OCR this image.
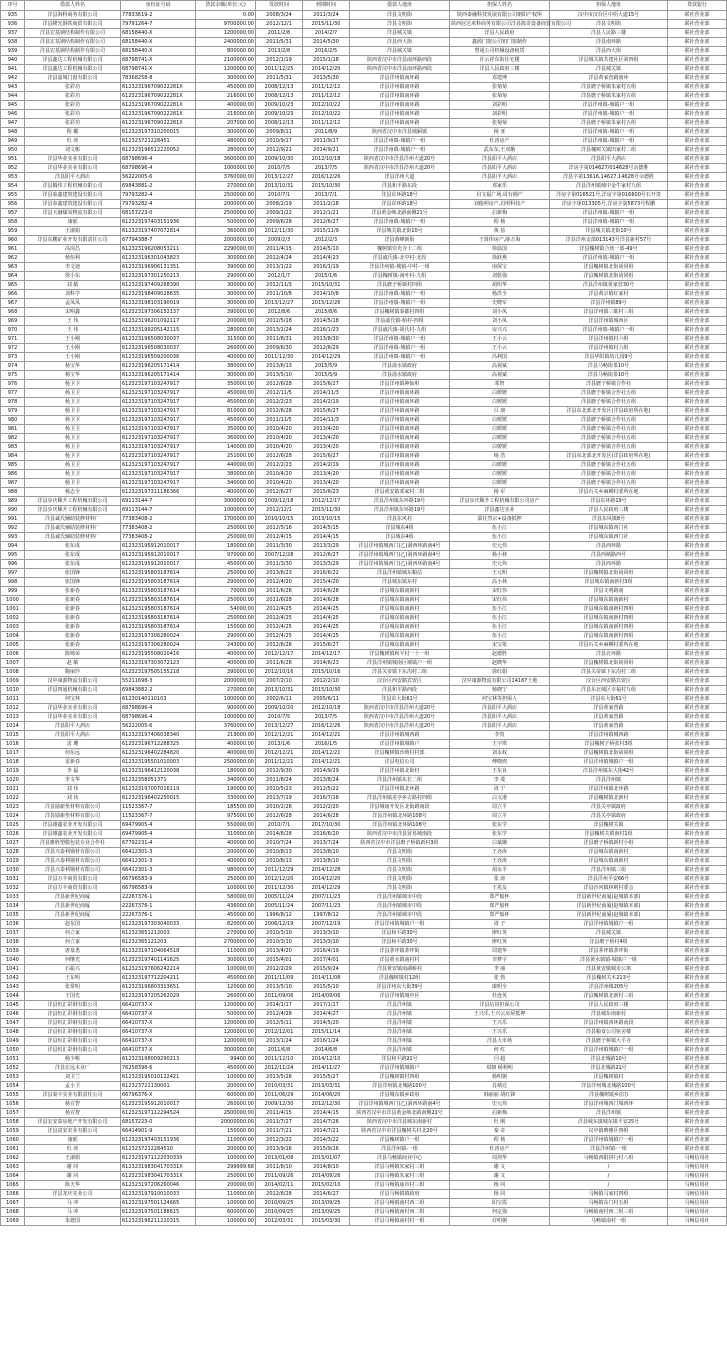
序号	借款人姓名	身份证号码	贷款余额(单位:元)	发放时间	到期时间	借款人地址	担保人姓名	担保人地址	贷款银行
935	洋县海科商务有限公司	77833619-2	0.00	2008/3/24	2011/3/24	洋县文明街	陕西秦融科技发展有限公司朝阳产权所	汉中市汉台区中拐大道15号	联社营业部
936	洋县隆光钢铁商贸有限公司	79791264-7	9700000.00	2012/12/1	2015/11/30	洋县文明街	陕西冠达米科商务有限公司洋县陈奇设备商贸有限公司	洋县文明街	联社营业部
937	洋县宏基钢结构制作有限公司	68158440-X	1200000.00	2011/2/8	2014/2/7	洋县城关镇	洋县人民政府	洋县人民路三楼	联社营业部
938	洋县宏基钢结构制作有限公司	68158440-X	2400000.00	2011/5/31	2014/5/30	洋县西大街	鑫源门窗公司铝门窗制作	洋县南环路	联社营业部
939	洋县宏基钢结构制作有限公司	68158440-X	800000.00	2013/2/8	2016/2/5	洋县城关镇	慧通公司机械设备租赁	洋县西大街	联社营业部
940	洋县鑫达工程机械有限公司	68798741-X	2100000.00	2012/1/19	2015/1/18	陕西省汉中市洋县南环路西段	许云祥东街住宅楼	洋县城关镇共建社区第四组	联社营业部
941	洋县鑫达工程机械有限公司	68798741-X	1200000.00	2011/12/25	2014/12/20	陕西省汉中市洋县南环路西段	洋县人民政府三楼	洋县城关镇	联社营业部
942	洋县嘉城门窗有限公司	78368258-8	300000.00	2011/5/31	2013/5/30	洋县洋州镇南环路	邓建博	洋县黄家营路南环	联社营业部
943	张彩功	612323196709022281X	450000.00	2008/12/13	2011/12/12	洋县洋州镇南环路	张菊菊	洋县磨子桥镇朱家村五组	联社营业部
944	张彩功	612323196709022281X	216000.00	2008/12/13	2011/12/12	洋县洋州镇南环路	张菊菊	洋县磨子桥镇朱家村五组	联社营业部
945	张彩功	612323196709022281X	400000.00	2009/10/23	2012/10/22	洋县洋州镇南环路	刘彩明	洋县洋州镇-城镇户一组	联社营业部
946	张彩功	612323196709022281X	216000.00	2009/10/23	2012/10/22	洋县洋州镇南环路	刘彩明	洋县洋州镇-城镇户一组	联社营业部
947	张彩功	612323196709022281X	207000.00	2008/12/13	2011/12/12	洋县洋州镇南环路	张菊菊	洋县磨子桥镇朱家村五组	联社营业部
948	程 璐	612323197310200015	300000.00	2009/8/11	2011/8/9	陕西省汉中市洋县城厢镇	杨 亚	洋县洋州镇-城镇户一组	联社营业部
949	杜 涛	612323721228451	480000.00	2010/9/17	2011/9/17	洋县洋州镇-城镇户一组	杜涛房产	洋县洋州镇-城镇户一组	联社营业部
950	刘文彬	612323196512220052	280000.00	2012/9/21	2014/9/21	洋县洋州镇-城镇户一组	武东东,王双娥	洋县槐树关镇田家村二组	联社营业部
951	洋县华业实业有限公司	68798696-4	3600000.00	2009/10/30	2012/10/18	陕西省汉中市洋县洋州大道20号	洋县阳平大酒店	洋县阳平大酒店	联社营业部
952	洋县华业实业有限公司	68798696-4	1000000.00	2010/7/5	2013/7/5	陕西省汉中市洋县洋州大道20号	洋县阳平大酒店	洋房字第014627/014628号余德胜	联社营业部
953	洋县阳平大酒店	56222005-6	3760000.00	2013/12/27	2016/12/26	洋县洋州大道	洋县阳平大酒店	洋县字第13616,14627,14628号余德胜	联社营业部
954	洋县腾伟工程机械有限公司	69843881-2	270000.00	2013/10/31	2015/10/30	洋县和平路东段	邓家乐	洋县洋州镇城中金牛家村九组	联社营业部
955	洋县泰鑫建筑建设有限公司	79793282-4	2500000.00	2010/7/1	2013/7/1	洋县东环路18号	启文福广场,周有刚产	洋房字第016521号,洋房字第016600号石开贵	联社营业部
956	洋县泰鑫建筑建设有限公司	79793282-4	2000000.00	2008/2/19	2011/2/18	洋县东环路18号	刘俊明房产,启明科技产	洋房字第013305号,洋房字第5873号程鹏	联社营业部
957	洋县天融煤炭物流有限公司	68157223-0	2500000.00	2009/1/22	2012/1/21	洋县黄金峡北路南侧21号	启新梅	洋县洋州镇-城镇户一组	联社营业部
958	康砾	612323197403151936	500000.00	2009/6/28	2012/6/27	洋县洋州镇-城镇户一组	程 杨	洋县洋州镇-城镇户一组	联社营业部
959	王淑娟	612323197407072814	360000.00	2012/11/30	2015/11/9	洋县城关镇北街10号	黄 蓓	洋县城关镇北街10号	联社营业部
960	洋县东鹏矿业开发有限责任公司	67794388-7	2000000.00	2009/2/3	2012/2/3	洋县黄峰新街	王贤伟房产,薛万海	洋县洋州支部013143号洋县新村57号	联社营业部
961	高岗昌	612323196208053211	2290000.00	2011/4/15	2014/5/10	槐树镇崇光寺十二组	徐温国	洋县槐树镇合伙一部-49号	联社营业部
962	杨恒利	612323196301043823	300000.00	2012/4/24	2014/4/23	洋县戚氏镇-北亭村-北段	徐跃燕	洋县洋州镇-城镇户一组	联社营业部
963	李文迪	612323196906131351	390000.00	2013/1/22	2016/1/19	洋县洋州镇-城镇-中村-一组	南保宝	洋县槐树镇北街胡同组	联社营业部
964	徐小东	612323197301250213	290000.00	2012/1/7	2015/1/6	洋县槐树镇-南叶村-九组	刘乾强	洋县槐树镇北街胡同组	联社营业部
965	刘 敏	612323197409268390	300000.00	2012/11/3	2015/10/31	洋县磨子桥镇村四组	胡绍华	洋县洋州镇黄家营30号	联社营业部
966	刘科学	612323198409028635	300000.00	2011/10/8	2014/10/8	洋县洋州镇-城镇户一组	杨洪全	洋县黄宗镇红家村	联社营业部
967	孟凤凤	612323198103190019	300000.00	2013/12/27	2015/12/26	洋县洋州镇-城镇户一组	史晓军	洋县洋州镇89号	联社营业部
968	宋明鑫	612323197306152137	390000.00	2012/8/6	2015/8/6	洋县槐树镇秦都村四组	刘小凤	洋县洋州镇三陈村三组	联社营业部
969	王 伟	612323196201092117	200000.00	2012/5/18	2014/5/18	洋县戚氏镇-柏村-四组	刘小凤	洋县洋州镇城西区	联社营业部
970	王 伟	612323199205142115	280000.00	2013/1/24	2016/1/23	洋县戚氏镇-胡氏村-九组	房兴兴	洋县洋州镇-城镇户一组	联社营业部
971	王小刚	612323196508030037	315000.00	2011/8/31	2013/8/30	洋县洋州镇-城镇户一组	王小云	洋县洋州镇村六组	联社营业部
972	王小刚	612323196508030037	260000.00	2009/6/30	2012/6/29	洋县洋州镇-城镇户一组	王小云	洋县洋州镇村六组	联社营业部
973	王小刚	612323196509200036	400000.00	2011/12/30	2014/12/29	洋县洋州镇-城镇户一组	冯利国	洋县华阳镇幼儿园9号	联社营业部
974	杨宝华	612323196205171414	380000.00	2013/6/13	2015/5/9	洋县溢水镇政府	高视斌	洋县马畅街茶10号	联社营业部
975	杨宝华	612323196205171414	300000.00	2013/5/10	2015/5/9	洋县溢水镇政府	高视斌	洋县马畅街茶10号	联社营业部
976	杨卫卫	612323197103247917	350000.00	2012/6/28	2015/6/27	洋县洋州镇神仙咀	邓智	洋县磨子桥镇合作社	联社营业部
977	杨卫卫	612323197103247917	450000.00	2012/11/5	2014/11/3	洋县洋州镇南环路	白媛媛	洋县磨子桥镇合作社五组	联社营业部
978	杨卫卫	612323197103247917	450000.00	2012/2/23	2014/2/19	洋县洋州镇南环路	白媛媛	洋县磨子桥镇合作社五组	联社营业部
979	杨卫卫	612323197103247917	810000.00	2012/6/28	2015/6/27	洋县洋州镇南环路	吕 康	洋县东北部北开发区(洋县政府所在地)	联社营业部
980	杨卫卫	612323197103247917	450000.00	2011/11/5	2014/11/3	洋县洋州镇南环路	白媛媛	洋县磨子桥镇合作社五组	联社营业部
981	杨卫卫	612323197103247917	350000.00	2010/4/20	2013/4/20	洋县洋州镇南环路	白媛媛	洋县磨子桥镇合作社五组	联社营业部
982	杨卫卫	612323197103247917	360000.00	2010/4/20	2013/4/20	洋县洋州镇南环路	白媛媛	洋县磨子桥镇合作社五组	联社营业部
983	杨卫卫	612323197103247917	140000.00	2010/4/20	2013/4/20	洋县洋州镇南环路	白媛媛	洋县磨子桥镇合作社五组	联社营业部
984	杨卫卫	612323197103247917	251000.00	2012/6/28	2015/6/27	洋县洋州镇南环路	杨 浩	洋县东北部北开发区(洋县政府所在地)	联社营业部
985	杨卫卫	612323197103247917	440000.00	2012/2/23	2014/2/19	洋县洋州镇南环路	白媛媛	洋县磨子桥镇合作社五组	联社营业部
986	杨卫卫	612323197103247917	380000.00	2010/4/20	2013/4/20	洋县洋州镇南环路	白媛媛	洋县磨子桥镇合作社五组	联社营业部
987	杨卫卫	612323197103247917	340000.00	2010/4/20	2013/4/20	洋县洋州镇南环路	白媛媛	洋县磨子桥镇合作社五组	联社营业部
988	杨志全	612323197311186366	400000.00	2012/6/27	2015/6/23	洋县黄安镇邓家村二组	杨 军	洋县石关乡麻柳村委所在地	联社营业部
989	洋县步庆顺升工程机械有限公司	69113144-7	3000000.00	2009/12/18	2012/12/17	洋县洋州镇东环路19号	洋县步庆顺升工程机械有限公司房产	洋县东环路19号	联社营业部
990	洋县步庆顺升工程机械有限公司	69113144-7	1000000.00	2012/12/1	2015/11/30	洋县洋州镇东环路19号	洋县鑫达实业	洋县人民政府三楼	联社营业部
991	洋县诚氏辅助装修材料厂	77383408-2	1700000.00	2010/10/15	2013/10/15	洋县东风村	邵任烈宗+设备抵押	洋县东风镇8号	联社营业部
992	洋县诚氏辅助装修材料厂	77383408-2	250000.00	2012/5/16	2014/5/15	洋县城东4组	伍小江	洋县城东镇西门社	联社营业部
993	洋县诚氏辅助装修材料厂	77383408-2	250000.00	2012/4/15	2014/4/15	洋县城东4组	伍小江	洋县城东镇西门社	联社营业部
994	张东成	612323195912010017	180000.00	2011/3/30	2013/3/29	洋县洋州镇城西门(乙)洞西环路南4号	史元伟	洋县西环路	联社营业部
995	张东成	612323195912010017	970000.00	2007/12/28	2012/6/27	洋县洋州镇城西门(乙)洞西环路南4号	杨小林	洋县西城路西号	联社营业部
996	张东成	612323195912010017	450000.00	2011/3/30	2013/3/29	洋县洋州镇城西门(乙)洞西环路南4号	史元伟	洋县西环路	联社营业部
997	张国锋	612323195803187614	250000.00	2013/6/23	2016/6/22	洋县洋州镇城东粮站	王元明	洋县槐树镇北街胡同组	联社营业部
998	张国锋	612323195803187614	290000.00	2012/4/20	2015/4/20	洋县城东镇东村	高小林	洋县城东镇南新村3组	联社营业部
999	张新春	612323195803187614	70000.00	2011/6/28	2014/6/28	洋县城东镇南新村	宋红伟	洋县文明路南	联社营业部
1000	张新春	612323195803187614	250000.00	2011/6/28	2014/6/28	洋县城东镇南新村	宋红伟	洋县城东镇南新村	联社营业部
1001	张新春	612323195803187614	54000.00	2012/4/25	2014/4/25	洋县城东镇南新村	伍小江	洋县城东镇南新村四组	联社营业部
1002	张新春	612323195803187614	250000.00	2012/4/25	2014/4/25	洋县城东镇南新村	伍小江	洋县城东镇南新村四组	联社营业部
1003	张新春	612323195803187614	150000.00	2012/4/25	2014/4/25	洋县城东镇南新村	伍小江	洋县城东镇南新村四组	联社营业部
1004	张新春	612323197306280024	290000.00	2012/4/25	2014/4/25	洋县城东镇南新村	伍小江	洋县城东镇南新村四组	联社营业部
1005	张新春	612323197306280024	243000.00	2012/6/28	2015/6/27	洋县城东镇南新村	宋宝依	洋县石关乡麻柳村委所在地	联社营业部
1006	陈锦荣	612323195508020416	400000.00	2012/12/17	2014/12/17	洋县槐树镇和平村一十一组	赵德胜	洋县北环路	联社营业部
1007	赵 敏	612323197303072123	400000.00	2011/6/28	2014/6/23	洋县洋州镇城南区城镇户一组	赵晓华	洋县槐树镇北街胡同组	联社营业部
1008	陶丽玲	612323197505155218	390000.00	2012/10/16	2015/10/16	洋县关帝镇下东沟村二组	徐红娟	洋县关帝镇下东沟村二组	联社营业部
1009	汉中康源物流有限公司	55211698-3	2000000.00	2007/2/10	2012/2/10	汉台区西安路宾贸区	汉中康源物流有限公司14167土地	汉台区西安路宾贸区	联社营业部
1010	洋县四通机械有限公司	69843882-2	270000.00	2013/10/31	2015/10/30	洋县和平路西段	杨晓宁	洋县东北城区幸福村九组	联社营业部
1011	何宝林	61230140110103	1000000.00	2002/6/11	2005/6/11	洋县东大街61号	何宝林等担保人	洋县东大街61号	联社营业部
1012	洋县华业实业有限公司	68798696-4	900000.00	2009/10/20	2012/10/18	陕西省汉中市洋县洋州大道20号	洋县阳平大酒店	洋县黄家营路	联社营业部
1013	洋县华业实业有限公司	68798696-4	1000000.00	2010/7/5	2013/7/5	陕西省汉中市洋县洋州大道20号	洋县阳平大酒店	洋县黄家营路	联社营业部
1014	洋县阳平大酒店	56222005-6	3760000.00	2013/12/27	2016/12/26	陕西省汉中市洋县洋州大道20号	洋县阳平大酒店	洋县黄家营路	联社营业部
1015	洋县阳平大酒店	612323197406038340	219000.00	2012/12/21	2014/12/21	洋县洋州镇城西路	李贵	洋县洋州镇城西路	联社营业部
1016	雷 珊	612323196712288325	400000.00	2013/1/6	2016/1/5	洋县洋州镇城镇户	王宇琪	洋县槐树子桥张村3组	联社营业部
1017	何东远	612323196402284820	400000.00	2012/12/21	2014/12/21	洋县槐树镇沙坡村村部	刘永权	洋县槐树镇北街胡同组	联社营业部
1018	雷新春	612323195501010003	2500000.00	2011/12/21	2014/12/21	洋县电信公司	傅晓鸿	洋县洋州镇城镇户一组	联社营业部
1019	李 磊	612323196412120038	180000.00	2012/9/30	2014/9/29	洋县洋州镇北街村	王东良	洋县洋州镇东大街42号	联社营业部
1020	李文华	61232358051371	340000.00	2011/8/24	2013/8/24	洋县洋州镇东长二组	李 菱	洋县洋州镇	联社营业部
1021	刘 伟	612323197007016119	190000.00	2010/5/23	2012/5/22	洋县洋州镇北环路	周 宁	洋县洋州镇北环路	联社营业部
1022	刘 伟	612323196402250015	330000.00	2013/7/19	2016/7/18	洋县洋州镇龙亭乡古路村四组	白文港	洋县槐树镇北新村	联社营业部
1023	洋县励新垫材料有限公司	11523367-7	185500.00	2010/2/28	2012/2/20	洋县城南开发区北街路南段	周立平	洋县关亭镇政府	联社营业部
1024	洋县励新垫材料有限公司	11523367-7	975000.00	2012/6/28	2014/6/28	洋县洋州镇北环路108号	周立平	洋县关亭镇政府	联社营业部
1025	洋县雄鑫农业开发有限公司	69479905-4	550000.00	2010/7/1	2017/10/30	洋县洋州镇北环路108号	张东学	洋县槐树关镇	联社营业部
1026	洋县雄鑫农业开发有限公司	69479905-4	310000.00	2014/6/28	2016/6/20	陕西省汉中市洋县贸易城南段	张东学	洋县槐树关镇南村1组	联社营业部
1027	洋县雅胜塑膜包装专业合作社	67792231-4	400000.00	2010/7/24	2013/7/24	陕西省汉中市洋县磨子桥镇新村3组	白斌娥	洋县磨子桥镇新村小组	联社营业部
1028	洋县兴泰利钢材有限公司	66412301-3	200000.00	2010/8/13	2013/8/10	洋县文明街	王亦涛	洋县城东镇南新村	联社营业部
1029	洋县兴泰利钢材有限公司	66412301-3	400000.00	2010/8/13	2013/8/10	洋县文明街	王亦涛	洋县城东镇南新村	联社营业部
1030	洋县兴泰利钢材有限公司	66412301-3	980000.00	2011/12/29	2014/12/28	洋县文明街	胡永平	洋县洋州镇三组	联社营业部
1031	洋县万丰商贸有限公司	66796583-9	250000.00	2012/12/20	2014/12/20	洋县文明街	张 涛	洋县洋州平安66号	联社营业部
1032	洋县万丰商贸有限公司	66796583-9	100000.00	2011/12/30	2014/12/29	洋县文明街	王兆友	洋县沙河镇林则村委会	联社营业部
1033	洋县新世纪商厦	22267376-1	580000.00	2005/11/24	2007/11/23	洋县洋州镇城市中段	郑严船杯	洋县新世纪商厦(赵城镇本部)	联社营业部
1034	洋县新世纪商厦	22267376-1	436000.00	2005/11/24	2007/11/23	洋县洋州镇城市中段	郑严船杯	洋县新世纪商厦(赵城镇本部)	联社营业部
1035	洋县新世纪商厦	22267376-1	450000.00	1996/8/12	1997/8/12	洋县洋州镇城市中段	郑严船杯	洋县新世纪商厦(赵城镇本部)	联社营业部
1036	赵东国	612323197303040033	820000.00	2006/12/19	2007/12/19	洋县洋州镇城镇户一组	周 子	洋县洋州镇城镇户一组	联社营业部
1037	何立家	612323651212003	270000.00	2010/3/10	2013/3/10	洋县和平路30号	廖红英	洋县城关镇	联社营业部
1038	何立家	61232365121203	2700000.00	2010/3/10	2013/3/10	洋县和平路30号	廖红英	洋县磨子桥村4组	联社营业部
1039	唐泉勇	612323197104064518	110000.00	2013/4/20	2016/4/19	洋县茅坪镇茅坪街	周建华	洋县茅坪镇茅坪街	联社营业部
1040	何继光	612323197401141625	300000.00	2015/4/01	2017/4/01	洋县黄水镇南村村	李梦宇	洋县黄水镇镇-城镇户一组	联社营业部
1041	石振兴	612323197606242214	100000.00	2012/2/29	2015/9/24	洋县黄安镇南湖桥村	李 丽	洋县黄安镇城市公寓	联社营业部
1042	王东明	612323197712204211	450000.00	2011/11/09	2014/11/08	洋县槐树镇村12组	张 勃	洋县槐树关木213号	联社营业部
1043	张常明	612323196803313651	120000.00	2013/5/10	2015/5/10	洋县洋州东大街39号	康明全	洋县洋州镇205号	联社营业部
1044	王国光	612323197205262029	260000.00	2011/09/06	2014/09/06	洋县洋州镇城中区	杜连英	洋县槐树镇北新村三组	联社营业部
1045	洋县恒汇彩钢有限公司	66410737-X	1200000.00	2014/1/17	2017/1/17	洋县洋州镇	洋县信用担保公司	洋县人民政府三楼	联社营业部
1046	洋县恒汇彩钢有限公司	66410737-X	500000.00	2012/4/28	2014/4/27	洋县洋州镇	王兴乐,王兴云房屋抵押	洋县城东南新村	联社营业部
1047	洋县恒汇彩钢有限公司	66410737-X	1200000.00	2012/5/11	2014/5/20	洋县洋州镇	王兴乐	洋县洋州镇西环路南段	联社营业部
1048	洋县恒汇彩钢有限公司	66410737-X	1200000.00	2012/12/01	2015/11/14	洋县洋州镇	王兴乐	洋县粮食公司宿舍楼	联社营业部
1049	洋县恒汇彩钢有限公司	66410737-X	1200000.00	2013/1/24	2016/1/24	洋县洋州镇	洋县大市场	洋县磨子桥镇大平寺	联社营业部
1050	洋县恒汇彩钢有限公司	66410737-X	3000000.00	2011/6/8	2014/6/8	洋县洋州镇	何 红	洋县洋州镇城镇户一组	联社营业部
1051	杨少彬	612323198009290213	99400.00	2011/12/10	2014/12/10	洋县和平路21号	闫 超	洋县北城路10号	联社营业部
1052	洋县宏远木业厂	76258398-6	450000.00	2012/11/24	2014/11/27	洋县洋州镇城镇户	周朝 杨利明	洋县北城路21号	联社营业部
1053	刘卫兰	612323195010122421	100000.00	2013/5/28	2015/5/27	洋县槐树镇村四组	杨明朝	洋县槐树镇村	联社营业部
1054	孟小卫	612323721130001	200000.00	2010/03/31	2013/03/31	洋县洋州镇北城路100号	肖炳达	洋县洋州城北城路100号	联社营业部
1055	洋县秦丰实业有限责任公司	66796376-X	600000.00	2011/06/29	2014/06/20	洋县城东镇乡政府	韩丽丽 胡红锋	洋县槐树镇乡(旧)	联社营业部
1056	杨宣智	612323195912010017	260000.00	2009/12/30	2012/12/30	洋县洋州镇城西门(乙)洞西环路南4号	史元伟	洋县洋州城西门城西环	联社营业部
1057	杨宣智	612323197112294524	2500000.00	2011/4/15	2014/4/15	陕西省汉中市洋县黄金峡北路南侧21号	启新梅	洋县洋州镇	联社营业部
1058	洋县宏安泰房地产开发有限公司	68157223-0	20000000.00	2011/7/27	2014/7/26	陕西省汉中市洋县城东南新村	杜 刚	洋县城东镇城东镇平安25号	联社营业部
1059	洋县富安农业有限公司	66414901-9	150000.00	2011/7/21	2014/7/21	陕西省汉中市洋县槐树关村北20号	秦 奇	汉中镇碑雅区四组	联社营业部
1060	康砾	612323197403151936	110000.00	2012/3/22	2014/3/22	洋县槐树镇户一组	程 杨	洋县洋州镇城镇户一组	联社营业部
1061	杜 涛	6123237212284510	200000.00	2013/9/16	2015/9/16	洋县洋州镇-一组	杜涛房产	洋县洋州镇-一组	联社营业部
1062	王淑娟	612323197112203033X	100000.00	2013/01/08	2015/01/07	洋县马畅镇商业中心	周剑华	马畅镇西阳拼行村八组	马畅信用社
1063	谢 同	612323198304170331X	299999.68	2011/8/10	2014/8/10	洋县马畅镇朱家村三组	谢 文	/	马畅信用社
1064	谢 同	612323198304170331X	250000.00	2011/09/26	2014/09/26	洋县马畅镇朱家村三组	谢 文	/	马畅信用社
1065	陈天华	612323197206260046	200000.00	2014/02/11	2015/02/10	洋县马畅镇庙市村三组	杨 同	/	马畅信用社
1066	洋县龙庆实业公司	612323197910010033	110000.00	2012/6/28	2014/6/27	洋县马畅镇镇政府	杨 同	马畅镇马家村四组	马畅信用社
1067	马 冲	612323197501124665	100000.00	2010/09/25	2013/09/25	洋县马畅镇南村西二组	阳宝霞	马畅镇东门村五组	马畅信用社
1068	马 冲	612323197501188615	600000.00	2010/09/25	2013/09/25	洋县马畅镇南村西二组	何定强	马畅镇南村西二组三组	马畅信用社
1069	朱德国	612323196211220315	100000.00	2012/03/31	2015/03/30	洋县马畅镇南村村一组	许明朝	马畅镇南村一组	马畅信用社
